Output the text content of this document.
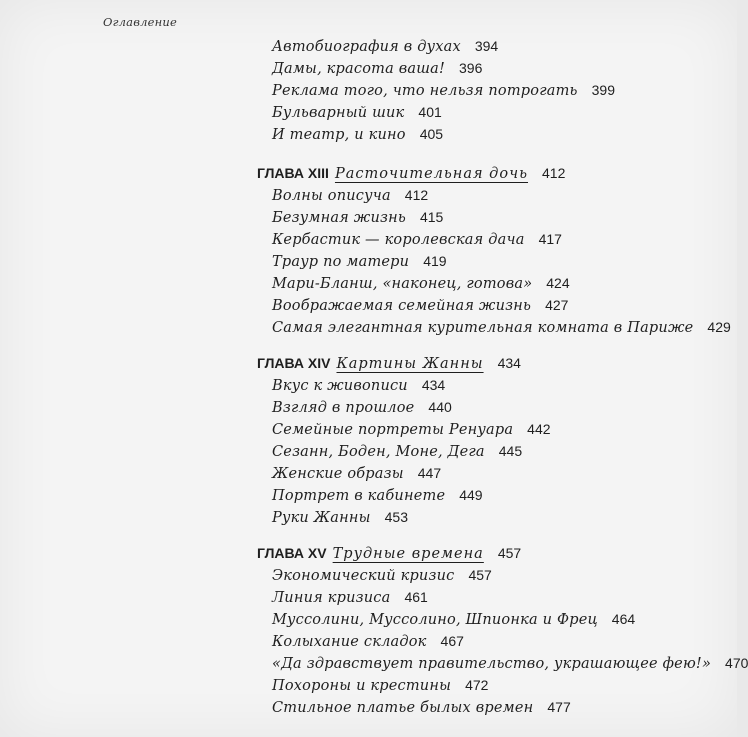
Оглавление
Автобиография в духах 394
Дамы, красота ваша! 396
Реклама того, что нельзя потрогать 399
Бульварный шик 401
И театр, и кино 405
ГЛАВА XIII Расточительная дочь 412
Волны описуча 412
Безумная жизнь 415
Кербастик — королевская дача 417
Траур по матери 419
Мари-Бланш, «наконец, готова» 424
Воображаемая семейная жизнь 427
Самая элегантная курительная комната в Париже 429
ГЛАВА XIV Картины Жанны 434
Вкус к живописи 434
Взгляд в прошлое 440
Семейные портреты Ренуара 442
Сезанн, Боден, Моне, Дега 445
Женские образы 447
Портрет в кабинете 449
Руки Жанны 453
ГЛАВА XV Трудные времена 457
Экономический кризис 457
Линия кризиса 461
Муссолини, Муссолино, Шпионка и Фрец 464
Колыхание складок 467
«Да здравствует правительство, украшающее фею!» 470
Похороны и крестины 472
Стильное платье былых времен 477
